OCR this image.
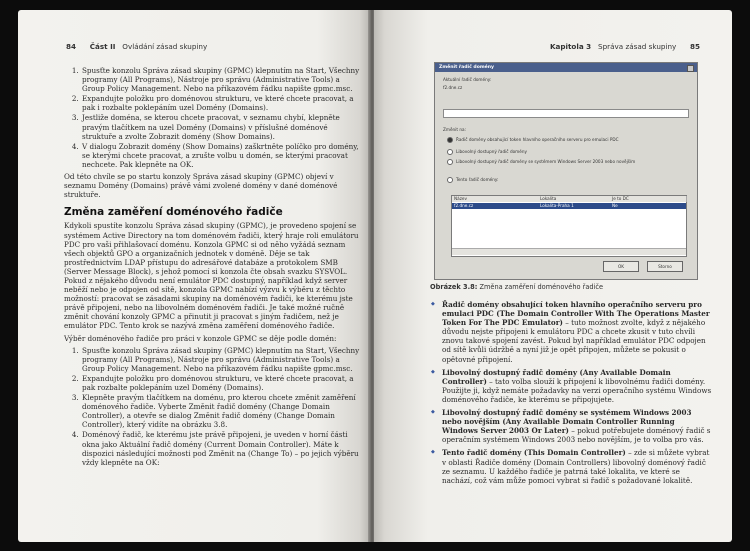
84 Část II Ovládání zásad skupiny
1. Spusťte konzolu Správa zásad skupiny (GPMC) klepnutím na Start, Všechny programy (All Programs), Nástroje pro správu (Administrative Tools) a Group Policy Management. Nebo na příkazovém řádku napište gpmc.msc.
2. Expandujte položku pro doménovou strukturu, ve které chcete pracovat, a pak i rozbalte poklepáním uzel Domény (Domains).
3. Jestliže doména, se kterou chcete pracovat, v seznamu chybí, klepněte pravým tlačítkem na uzel Domény (Domains) v příslušné doménové struktuře a zvolte Zobrazit domény (Show Domains).
4. V dialogu Zobrazit domény (Show Domains) zaškrtněte políčko pro domény, se kterými chcete pracovat, a zrušte volbu u domén, se kterými pracovat nechcete. Pak klepněte na OK.

Od této chvíle se po startu konzoly Správa zásad skupiny (GPMC) objeví v seznamu Domény (Domains) právě vámi zvolené domény v dané doménové struktuře.

Změna zaměření doménového řadiče

Kdykoli spustíte konzolu Správa zásad skupiny (GPMC), je provedeno spojení se systémem Active Directory na tom doménovém řadiči, který hraje roli emulátoru PDC pro vaši přihlašovací doménu. Konzola GPMC si od něho vyžádá seznam všech objektů GPO a organizačních jednotek v doméně. Děje se tak prostřednictvím LDAP přístupu do adresářové databáze a protokolem SMB (Server Message Block), s jehož pomocí si konzola čte obsah svazku SYSVOL. Pokud z nějakého důvodu není emulátor PDC dostupný, například když server neběží nebo je odpojen od sítě, konzola GPMC nabízí výzvu k výběru z těchto možností: pracovat se zásadami skupiny na doménovém řadiči, ke kterému jste právě připojeni, nebo na libovolném doménovém řadiči. Je také možné ručně změnit chování konzoly GPMC a přinutit ji pracovat s jiným řadičem, než je emulátor PDC. Tento krok se nazývá změna zaměření doménového řadiče.

Výběr doménového řadiče pro práci v konzole GPMC se děje podle domén:

1. Spusťte konzolu Správa zásad skupiny (GPMC) klepnutím na Start, Všechny programy (All Programs), Nástroje pro správu (Administrative Tools) a Group Policy Management. Nebo na příkazovém řádku napište gpmc.msc.
2. Expandujte položku pro doménovou strukturu, ve které chcete pracovat, a pak rozbalte poklepáním uzel Domény (Domains).
3. Klepněte pravým tlačítkem na doménu, pro kterou chcete změnit zaměření doménového řadiče. Vyberte Změnit řadič domény (Change Domain Controller), a otevře se dialog Změnit řadič domény (Change Domain Controller), který vidíte na obrázku 3.8.
4. Doménový řadič, ke kterému jste právě připojeni, je uveden v horní části okna jako Aktuální řadič domény (Current Domain Controller). Máte k dispozici následující možnosti pod Změnit na (Change To) – po jejich výběru vždy klepněte na OK:
Kapitola 3 Správa zásad skupiny 85
Změnit řadič domény
Aktuální řadič domény:
f2.dne.cz
Změnit na:
Řadič domény obsahující token hlavního operačního serveru pro emulaci PDC
Libovolný dostupný řadič domény
Libovolný dostupný řadič domény se systémem Windows Server 2003 nebo novějším
Tento řadič domény:
Název	Lokalita	Je to DC
f2.dne.cz	Lokalita-Praha 1	Ne
OK	Storno
Obrázek 3.8: Změna zaměření doménového řadiče
◆ Řadič domény obsahující token hlavního operačního serveru pro emulaci PDC (The Domain Controller With The Operations Master Token For The PDC Emulator) – tuto možnost zvolte, když z nějakého důvodu nejste připojeni k emulátoru PDC a chcete zkusit v tuto chvíli znovu takové spojení zavést. Pokud byl například emulátor PDC odpojen od sítě kvůli údržbě a nyní již je opět připojen, můžete se pokusit o opětovné připojení.
◆ Libovolný dostupný řadič domény (Any Available Domain Controller) – tato volba slouží k připojení k libovolnému řadiči domény. Použijte ji, když nemáte požadavky na verzi operačního systému Windows doménového řadiče, ke kterému se připojujete.
◆ Libovolný dostupný řadič domény se systémem Windows 2003 nebo novějším (Any Available Domain Controller Running Windows Server 2003 Or Later) – pokud potřebujete doménový řadič s operačním systémem Windows 2003 nebo novějším, je to volba pro vás.
◆ Tento řadič domény (This Domain Controller) – zde si můžete vybrat v oblasti Řadiče domény (Domain Controllers) libovolný doménový řadič ze seznamu. U každého řadiče je patrná také lokalita, ve které se nachází, což vám může pomoci vybrat si řadič s požadované lokalitě.
